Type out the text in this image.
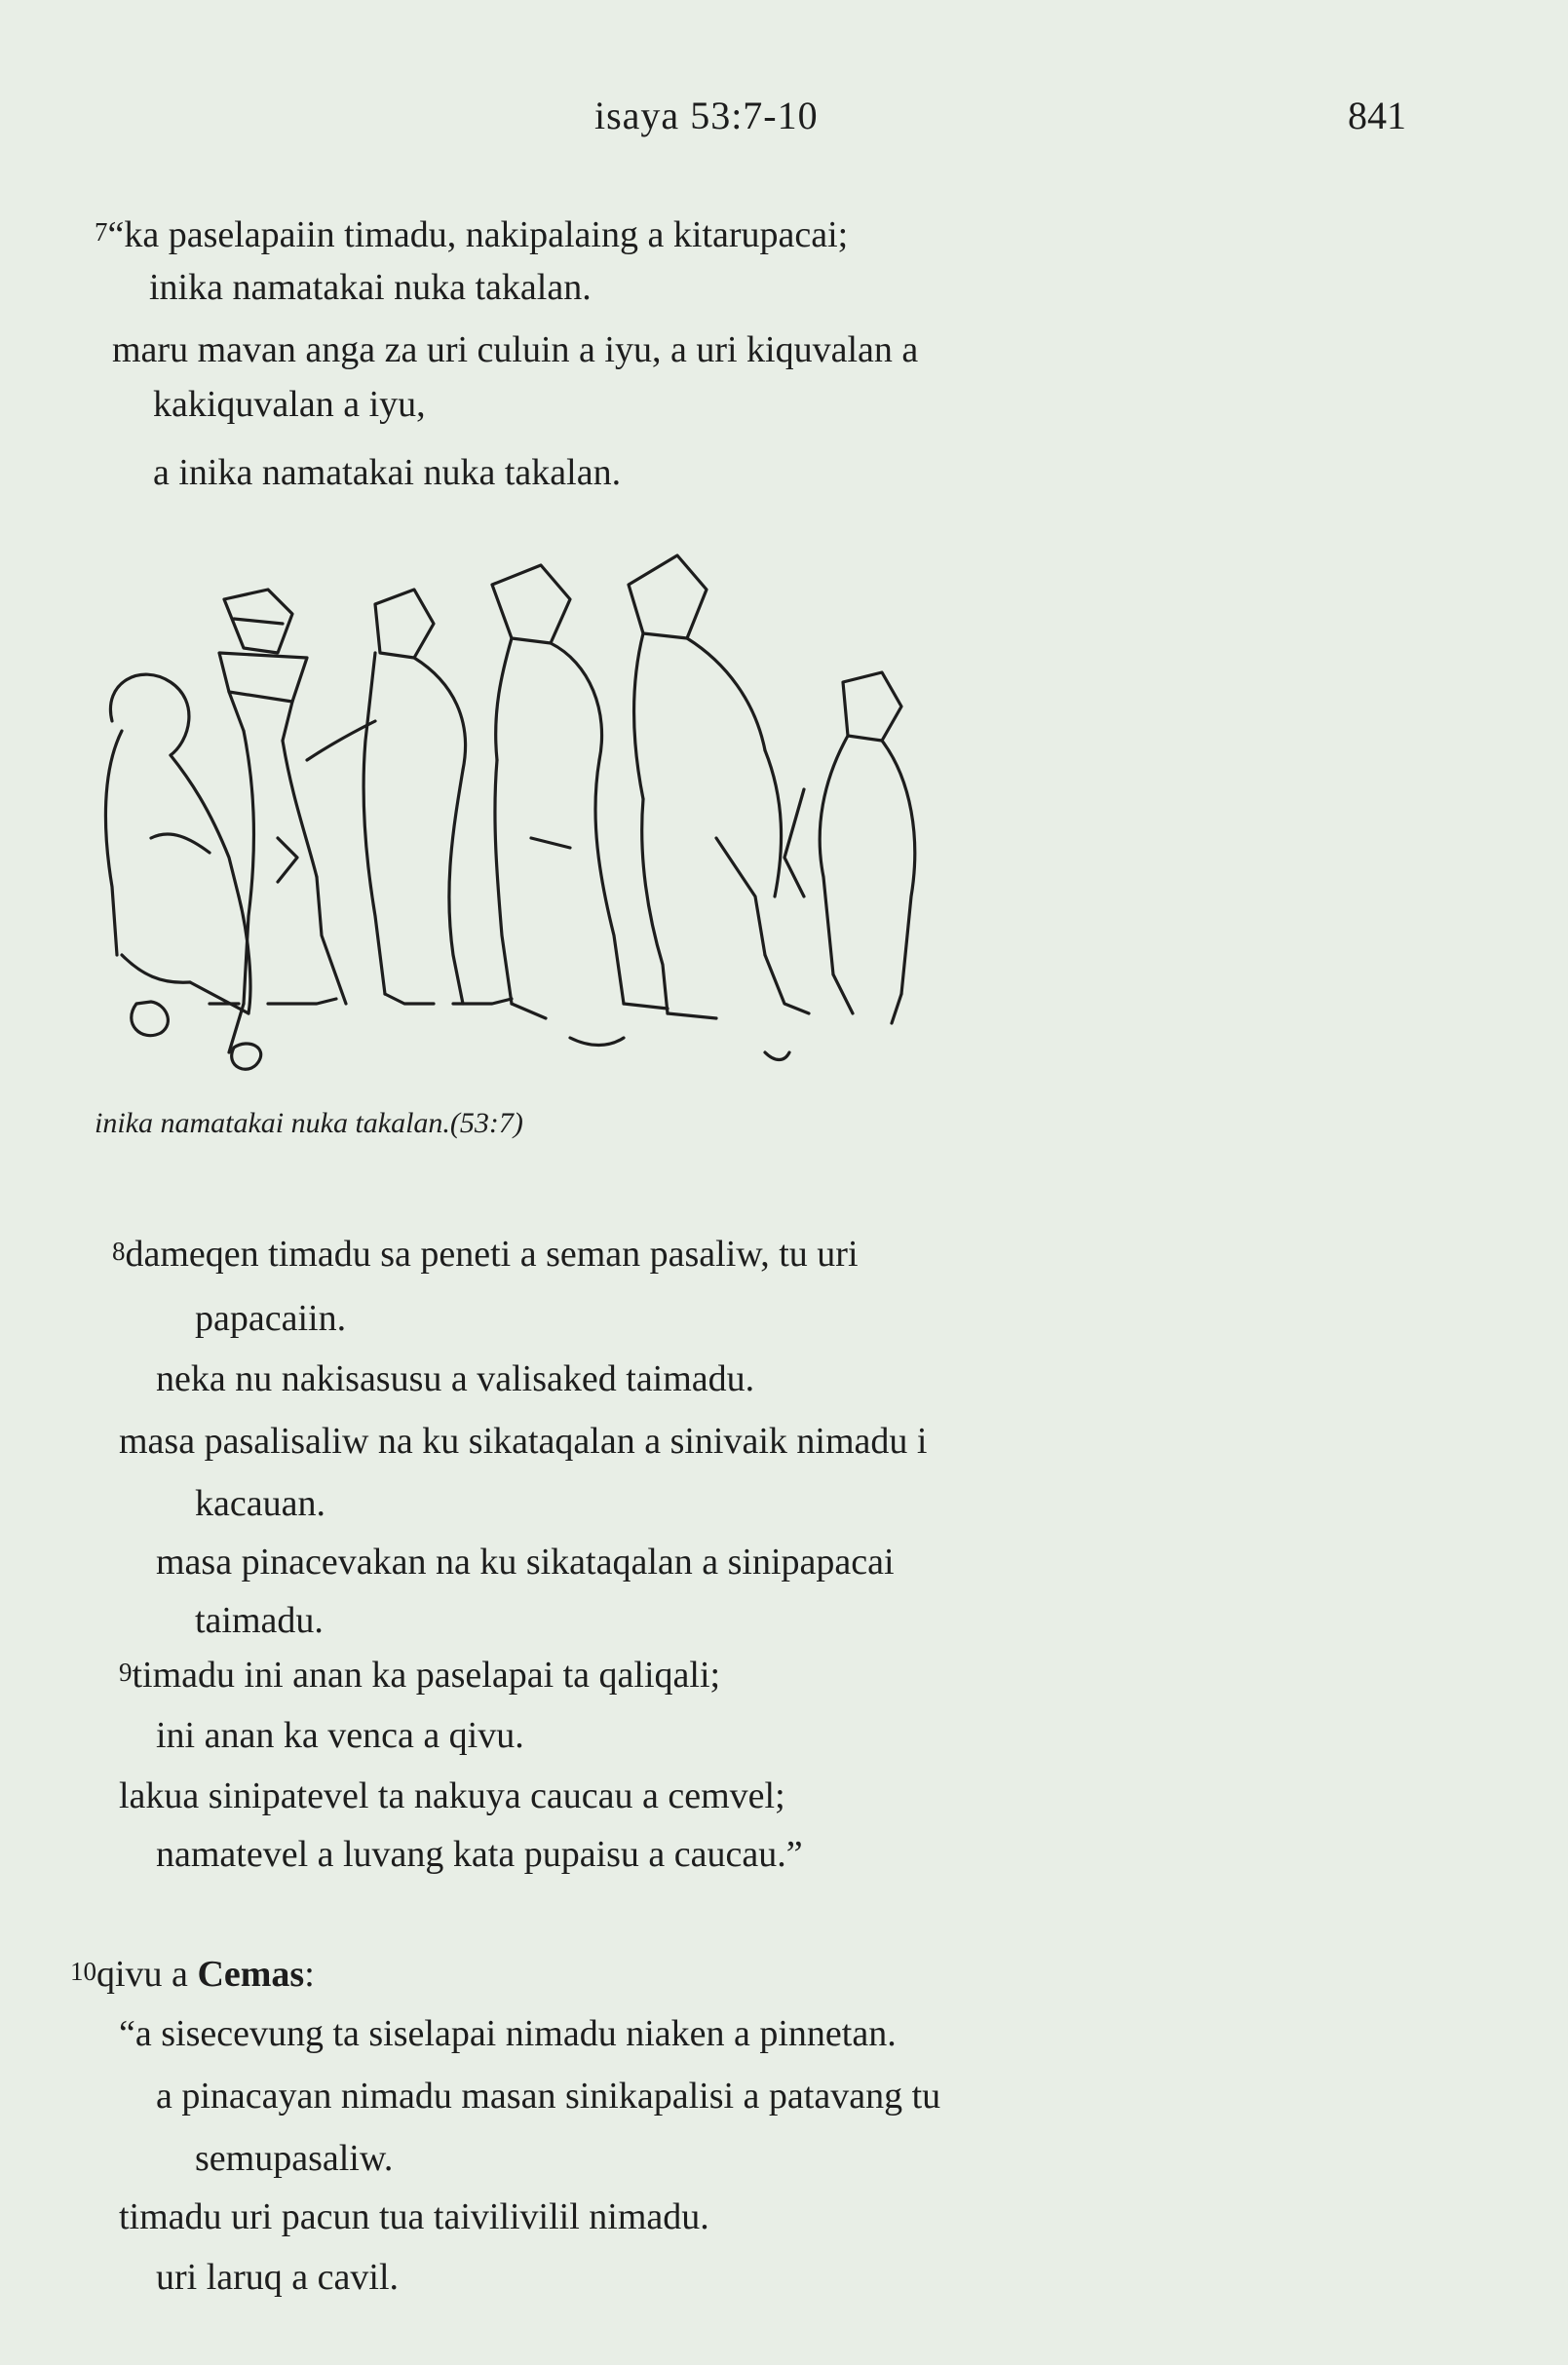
isaya 53:7-10	841
$^7$“ka paselapaiin timadu, nakipalaing a kitarupacai;
inika namatakai nuka takalan.
maru mavan anga za uri culuin a iyu, a uri kiquvalan a
kakiquvalan a iyu,
a inika namatakai nuka takalan.
inika namatakai nuka takalan.(53:7)
$^8$dameqen timadu sa peneti a seman pasaliw, tu uri
papacaiin.
neka nu nakisasusu a valisaked taimadu.
masa pasalisaliw na ku sikataqalan a sinivaik nimadu i
kacauan.
masa pinacevakan na ku sikataqalan a sinipapacai
taimadu.
$^9$timadu ini anan ka paselapai ta qaliqali;
ini anan ka venca a qivu.
lakua sinipatevel ta nakuya caucau a cemvel;
namatevel a luvang kata pupaisu a caucau.”
$^{10}$qivu a Cemas:
“a sisecevung ta siselapai nimadu niaken a pinnetan.
a pinacayan nimadu masan sinikapalisi a patavang tu
semupasaliw.
timadu uri pacun tua taivilivilil nimadu.
uri laruq a cavil.
